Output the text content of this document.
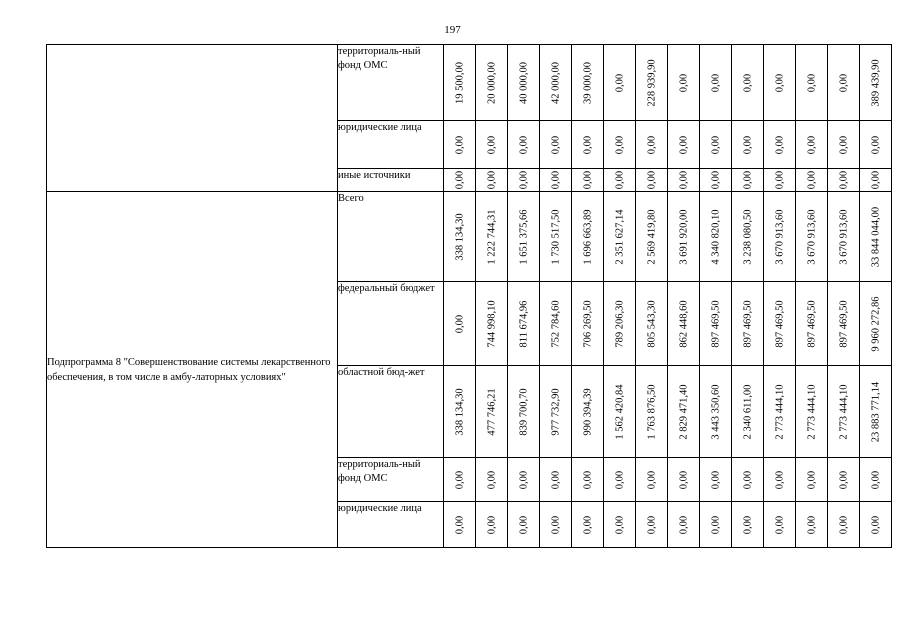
197
	территориаль-ный фонд ОМС	19 500,00	20 000,00	40 000,00	42 000,00	39 000,00	0,00	228 939,90	0,00	0,00	0,00	0,00	0,00	0,00	389 439,90

	юридические лица	0,00	0,00	0,00	0,00	0,00	0,00	0,00	0,00	0,00	0,00	0,00	0,00	0,00	0,00

	иные источники	0,00	0,00	0,00	0,00	0,00	0,00	0,00	0,00	0,00	0,00	0,00	0,00	0,00	0,00

Подпрограмма 8 "Совершенствование системы лекарственного обеспечения, в том числе в амбу-латорных условиях"	Всего	338 134,30	1 222 744,31	1 651 375,66	1 730 517,50	1 696 663,89	2 351 627,14	2 569 419,80	3 691 920,00	4 340 820,10	3 238 080,50	3 670 913,60	3 670 913,60	3 670 913,60	33 844 044,00

	федеральный бюджет	0,00	744 998,10	811 674,96	752 784,60	706 269,50	789 206,30	805 543,30	862 448,60	897 469,50	897 469,50	897 469,50	897 469,50	897 469,50	9 960 272,86

	областной бюд-жет	338 134,30	477 746,21	839 700,70	977 732,90	990 394,39	1 562 420,84	1 763 876,50	2 829 471,40	3 443 350,60	2 340 611,00	2 773 444,10	2 773 444,10	2 773 444,10	23 883 771,14

	территориаль-ный фонд ОМС	0,00	0,00	0,00	0,00	0,00	0,00	0,00	0,00	0,00	0,00	0,00	0,00	0,00	0,00

	юридические лица	0,00	0,00	0,00	0,00	0,00	0,00	0,00	0,00	0,00	0,00	0,00	0,00	0,00	0,00
